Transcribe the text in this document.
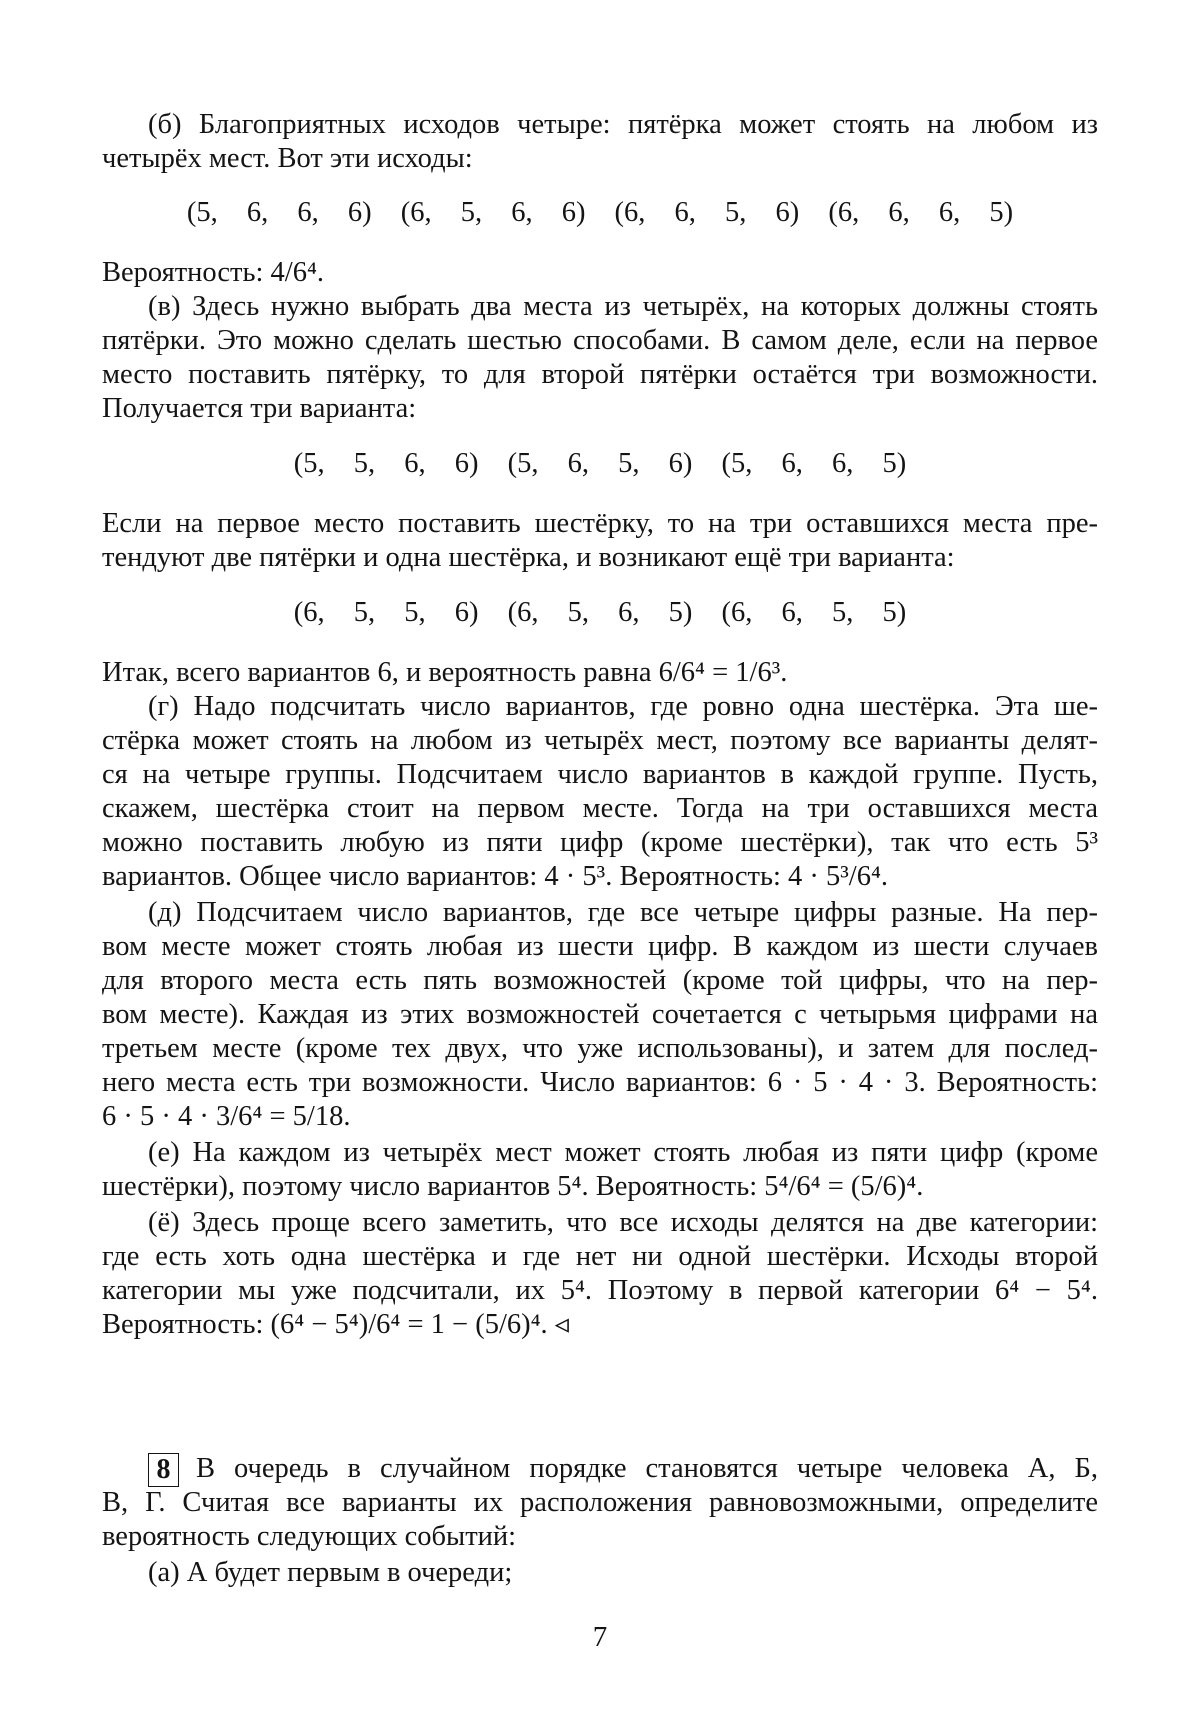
(б) Благоприятных исходов четыре: пятёрка может стоять на любом из
четырёх мест. Вот эти исходы:
(5, 6, 6, 6) (6, 5, 6, 6) (6, 6, 5, 6) (6, 6, 6, 5)
Вероятность: 4/6⁴.
(в) Здесь нужно выбрать два места из четырёх, на которых должны стоять
пятёрки. Это можно сделать шестью способами. В самом деле, если на первое
место поставить пятёрку, то для второй пятёрки остаётся три возможности.
Получается три варианта:
(5, 5, 6, 6) (5, 6, 5, 6) (5, 6, 6, 5)
Если на первое место поставить шестёрку, то на три оставшихся места пре-
тендуют две пятёрки и одна шестёрка, и возникают ещё три варианта:
(6, 5, 5, 6) (6, 5, 6, 5) (6, 6, 5, 5)
Итак, всего вариантов 6, и вероятность равна 6/6⁴ = 1/6³.
(г) Надо подсчитать число вариантов, где ровно одна шестёрка. Эта ше-
стёрка может стоять на любом из четырёх мест, поэтому все варианты делят-
ся на четыре группы. Подсчитаем число вариантов в каждой группе. Пусть,
скажем, шестёрка стоит на первом месте. Тогда на три оставшихся места
можно поставить любую из пяти цифр (кроме шестёрки), так что есть 5³
вариантов. Общее число вариантов: 4 · 5³. Вероятность: 4 · 5³/6⁴.
(д) Подсчитаем число вариантов, где все четыре цифры разные. На пер-
вом месте может стоять любая из шести цифр. В каждом из шести случаев
для второго места есть пять возможностей (кроме той цифры, что на пер-
вом месте). Каждая из этих возможностей сочетается с четырьмя цифрами на
третьем месте (кроме тех двух, что уже использованы), и затем для послед-
него места есть три возможности. Число вариантов: 6 · 5 · 4 · 3. Вероятность:
6 · 5 · 4 · 3/6⁴ = 5/18.
(е) На каждом из четырёх мест может стоять любая из пяти цифр (кроме
шестёрки), поэтому число вариантов 5⁴. Вероятность: 5⁴/6⁴ = (5/6)⁴.
(ё) Здесь проще всего заметить, что все исходы делятся на две категории:
где есть хоть одна шестёрка и где нет ни одной шестёрки. Исходы второй
категории мы уже подсчитали, их 5⁴. Поэтому в первой категории 6⁴ − 5⁴.
Вероятность: (6⁴ − 5⁴)/6⁴ = 1 − (5/6)⁴. ◃
8 В очередь в случайном порядке становятся четыре человека А, Б,
В, Г. Считая все варианты их расположения равновозможными, определите
вероятность следующих событий:
(а) А будет первым в очереди;
7
